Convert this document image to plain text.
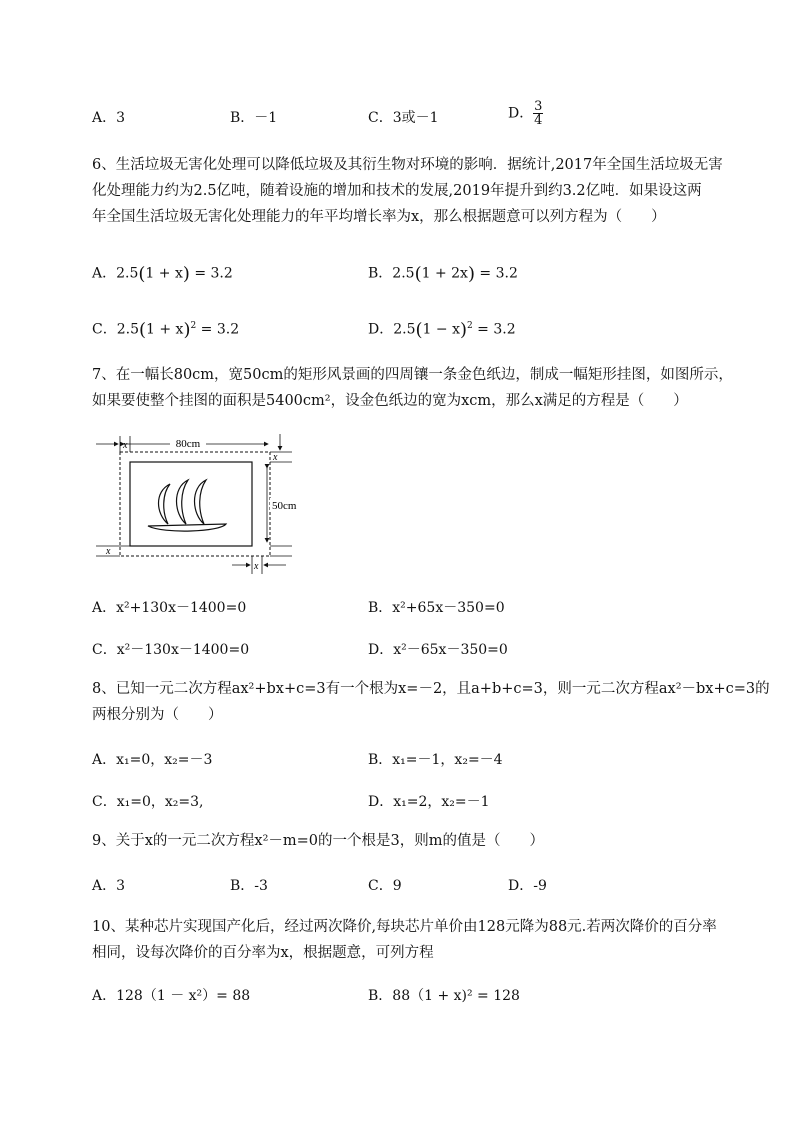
A．3	B．－1	C．3或－1	D． $\frac{3}{4}$
6、生活垃圾无害化处理可以降低垃圾及其衍生物对环境的影响．据统计,2017年全国生活垃圾无害
化处理能力约为2.5亿吨，随着设施的增加和技术的发展,2019年提升到约3.2亿吨．如果设这两
年全国生活垃圾无害化处理能力的年平均增长率为x，那么根据题意可以列方程为（　　）
A．2.5(1 + x) = 3.2	B．2.5(1 + 2x) = 3.2
C．$2.5(1 + x)^2 = 3.2$	D．$2.5(1 - x)^2 = 3.2$
7、在一幅长80cm，宽50cm的矩形风景画的四周镶一条金色纸边，制成一幅矩形挂图，如图所示，
如果要使整个挂图的面积是5400cm²，设金色纸边的宽为xcm，那么x满足的方程是（　　）
80cm
x
x
50cm
x
x
A．x²+130x－1400=0	B．x²+65x－350=0
C．x²－130x－1400=0	D．x²－65x－350=0
8、已知一元二次方程ax²+bx+c=3有一个根为x=－2，且a+b+c=3，则一元二次方程ax²－bx+c=3的
两根分别为（　　）
A．x₁=0，x₂=－3	B．x₁=－1，x₂=－4
C．x₁=0，x₂=3,	D．x₁=2，x₂=－1
9、关于x的一元二次方程x²－m=0的一个根是3，则m的值是（　　）
A．3	B．-3	C．9	D．-9
10、某种芯片实现国产化后，经过两次降价,每块芯片单价由128元降为88元.若两次降价的百分率
相同，设每次降价的百分率为x，根据题意，可列方程
A．128（1 － x²）= 88	B．88（1 + x)² = 128
